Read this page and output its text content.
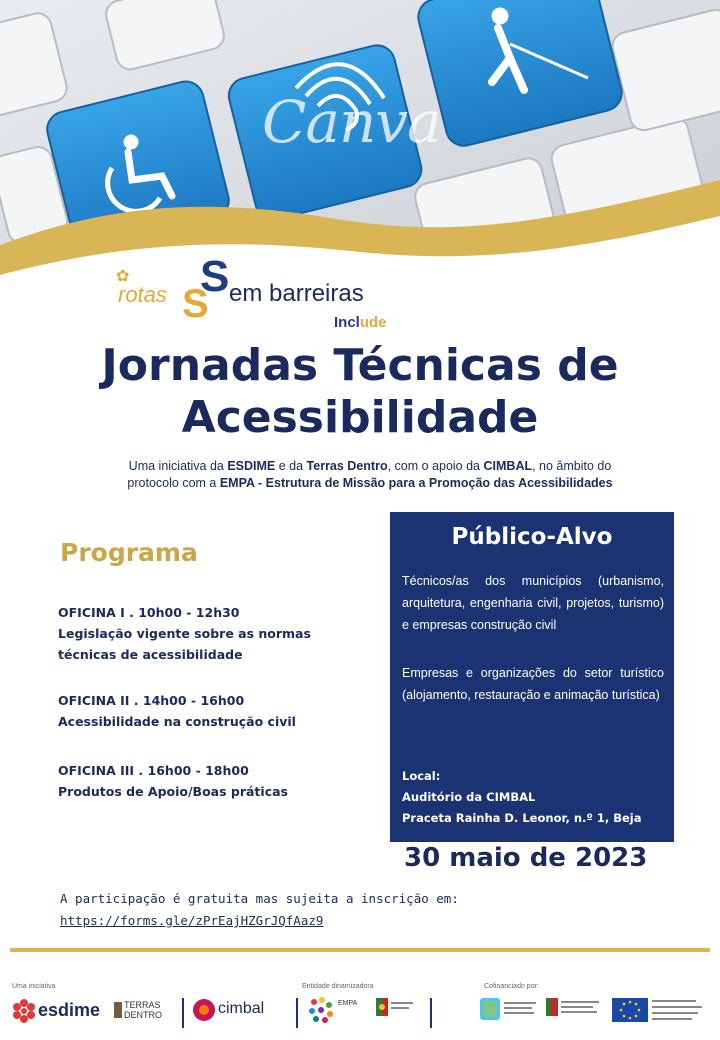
Canva
✿
rotas S
S em barreiras
Include
Jornadas Técnicas de
Acessibilidade
Uma iniciativa da ESDIME e da Terras Dentro, com o apoio da CIMBAL, no âmbito do
protocolo com a EMPA - Estrutura de Missão para a Promoção das Acessibilidades
Programa
OFICINA I . 10h00 - 12h30
Legislação vigente sobre as normas
técnicas de acessibilidade
OFICINA II . 14h00 - 16h00
Acessibilidade na construção civil
OFICINA III . 16h00 - 18h00
Produtos de Apoio/Boas práticas
Público-Alvo
Técnicos/as dos municípios (urbanismo, arquitetura, engenharia civil, projetos, turismo) e empresas construção civil
Empresas e organizações do setor turístico (alojamento, restauração e animação turística)
Local:
Auditório da CIMBAL
Praceta Rainha D. Leonor, n.º 1, Beja
30 maio de 2023
A participação é gratuita mas sujeita a inscrição em:
https://forms.gle/zPrEajHZGrJQfAaz9
Uma iniciativa	Entidade dinamizadora	Cofinanciado por:
esdime	TERRAS
DENTRO	cimbal	EMPA
